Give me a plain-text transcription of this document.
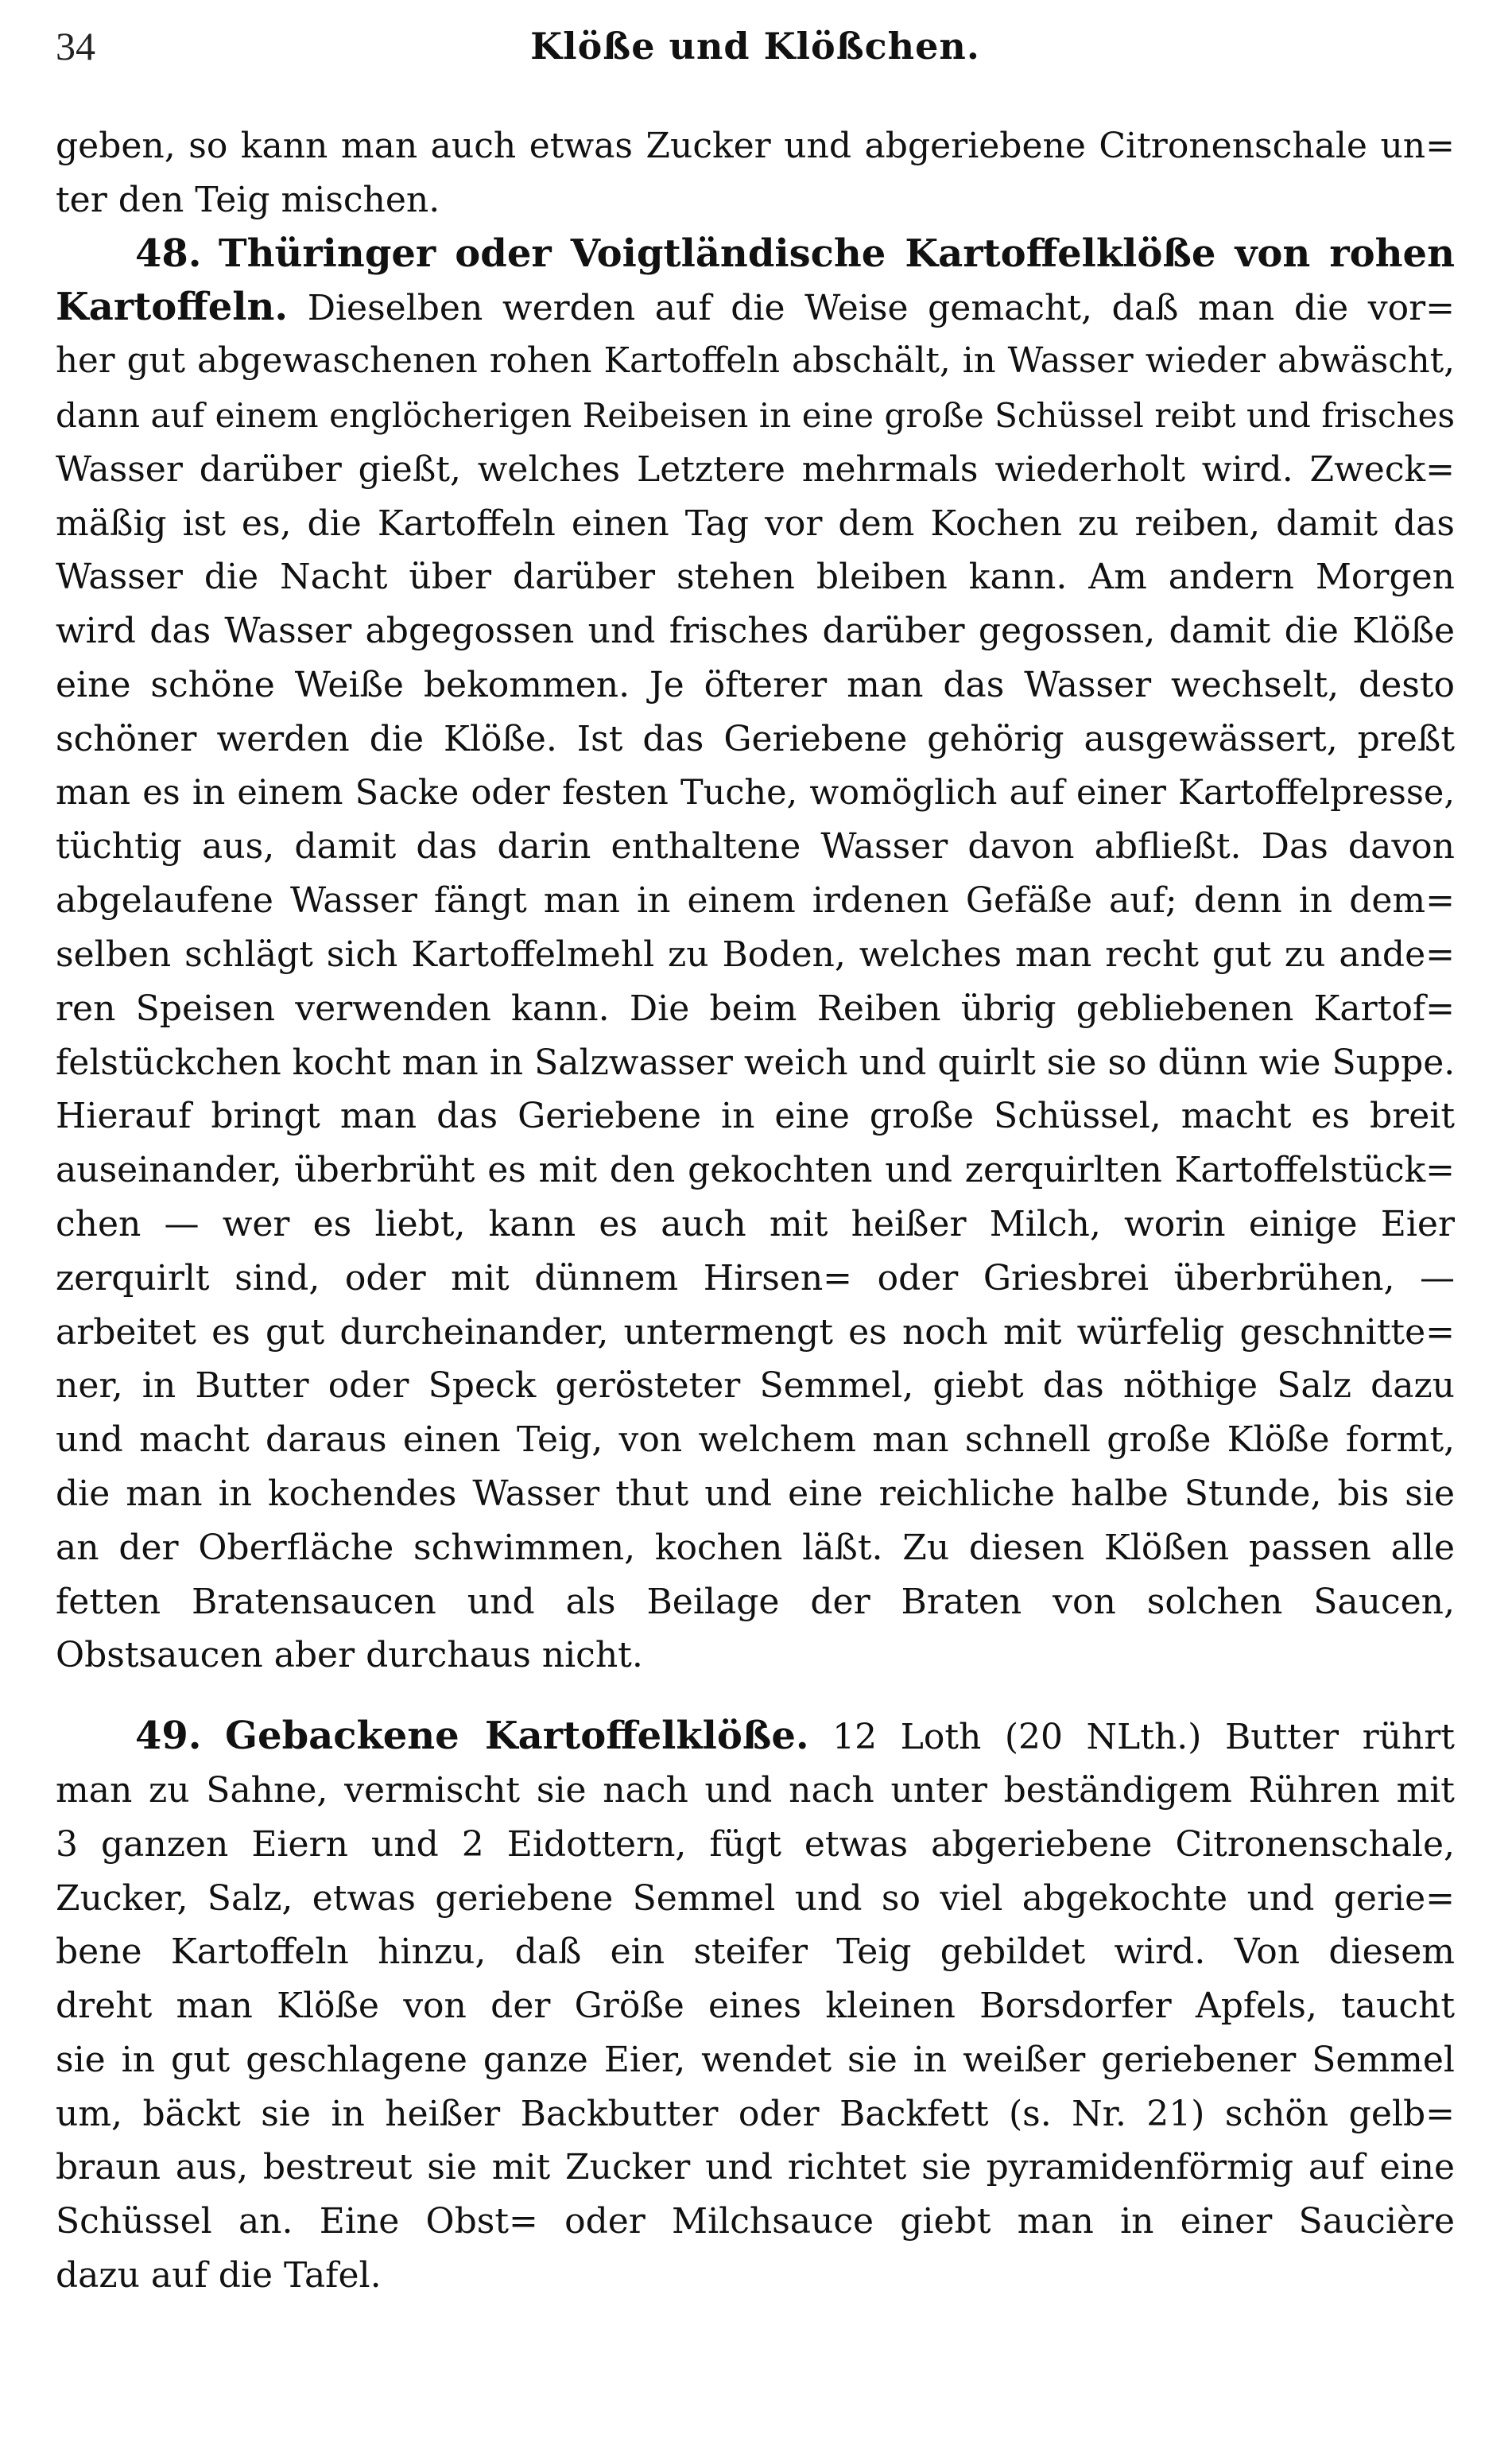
34	Klöße und Klößchen.
geben, so kann man auch etwas Zucker und abgeriebene Citronenschale un=
ter den Teig mischen.
48. Thüringer oder Voigtländische Kartoffelklöße von rohen
Kartoffeln. Dieselben werden auf die Weise gemacht, daß man die vor=
her gut abgewaschenen rohen Kartoffeln abschält, in Wasser wieder abwäscht,
dann auf einem englöcherigen Reibeisen in eine große Schüssel reibt und frisches
Wasser darüber gießt, welches Letztere mehrmals wiederholt wird. Zweck=
mäßig ist es, die Kartoffeln einen Tag vor dem Kochen zu reiben, damit das
Wasser die Nacht über darüber stehen bleiben kann. Am andern Morgen
wird das Wasser abgegossen und frisches darüber gegossen, damit die Klöße
eine schöne Weiße bekommen. Je öfterer man das Wasser wechselt, desto
schöner werden die Klöße. Ist das Geriebene gehörig ausgewässert, preßt
man es in einem Sacke oder festen Tuche, womöglich auf einer Kartoffelpresse,
tüchtig aus, damit das darin enthaltene Wasser davon abfließt. Das davon
abgelaufene Wasser fängt man in einem irdenen Gefäße auf; denn in dem=
selben schlägt sich Kartoffelmehl zu Boden, welches man recht gut zu ande=
ren Speisen verwenden kann. Die beim Reiben übrig gebliebenen Kartof=
felstückchen kocht man in Salzwasser weich und quirlt sie so dünn wie Suppe.
Hierauf bringt man das Geriebene in eine große Schüssel, macht es breit
auseinander, überbrüht es mit den gekochten und zerquirlten Kartoffelstück=
chen — wer es liebt, kann es auch mit heißer Milch, worin einige Eier
zerquirlt sind, oder mit dünnem Hirsen= oder Griesbrei überbrühen, —
arbeitet es gut durcheinander, untermengt es noch mit würfelig geschnitte=
ner, in Butter oder Speck gerösteter Semmel, giebt das nöthige Salz dazu
und macht daraus einen Teig, von welchem man schnell große Klöße formt,
die man in kochendes Wasser thut und eine reichliche halbe Stunde, bis sie
an der Oberfläche schwimmen, kochen läßt. Zu diesen Klößen passen alle
fetten Bratensaucen und als Beilage der Braten von solchen Saucen,
Obstsaucen aber durchaus nicht.
49. Gebackene Kartoffelklöße. 12 Loth (20 NLth.) Butter rührt
man zu Sahne, vermischt sie nach und nach unter beständigem Rühren mit
3 ganzen Eiern und 2 Eidottern, fügt etwas abgeriebene Citronenschale,
Zucker, Salz, etwas geriebene Semmel und so viel abgekochte und gerie=
bene Kartoffeln hinzu, daß ein steifer Teig gebildet wird. Von diesem
dreht man Klöße von der Größe eines kleinen Borsdorfer Apfels, taucht
sie in gut geschlagene ganze Eier, wendet sie in weißer geriebener Semmel
um, bäckt sie in heißer Backbutter oder Backfett (s. Nr. 21) schön gelb=
braun aus, bestreut sie mit Zucker und richtet sie pyramidenförmig auf eine
Schüssel an. Eine Obst= oder Milchsauce giebt man in einer Saucière
dazu auf die Tafel.
